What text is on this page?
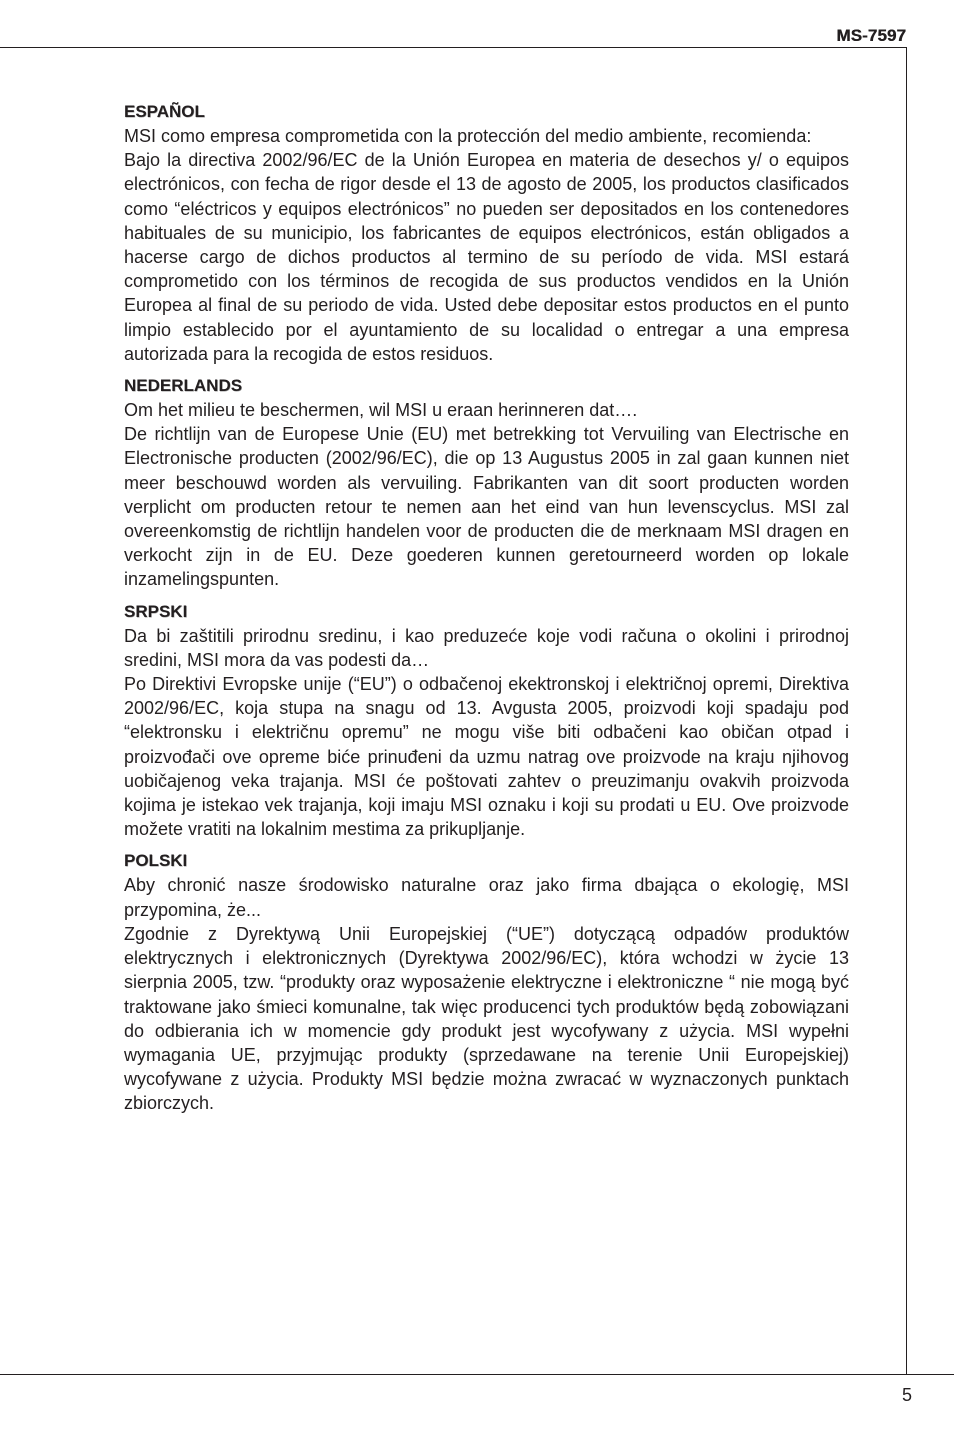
MS-7597
ESPAÑOL

MSI como empresa comprometida con la protección del medio ambiente, recomienda:

Bajo la directiva 2002/96/EC de la Unión Europea en materia de desechos y/ o equipos electrónicos, con fecha de rigor desde el 13 de agosto de 2005, los productos clasificados como “eléctricos y equipos electrónicos” no pueden ser depositados en los contenedores habituales de su municipio, los fabricantes de equipos electrónicos, están obligados a hacerse cargo de dichos productos al termino de su período de vida. MSI estará comprometido con los términos de recogida de sus productos vendidos en la Unión Europea al final de su periodo de vida. Usted debe depositar estos productos en el punto limpio establecido por el ayuntamiento de su localidad o entregar a una empresa autorizada para la recogida de estos residuos.

NEDERLANDS

Om het milieu te beschermen, wil MSI u eraan herinneren dat….

De richtlijn van de Europese Unie (EU) met betrekking tot Vervuiling van Electrische en Electronische producten (2002/96/EC), die op 13 Augustus 2005 in zal gaan kunnen niet meer beschouwd worden als vervuiling. Fabrikanten van dit soort producten worden verplicht om producten retour te nemen aan het eind van hun levenscyclus. MSI zal overeenkomstig de richtlijn handelen voor de producten die de merknaam MSI dragen en verkocht zijn in de EU. Deze goederen kunnen geretourneerd worden op lokale inzamelingspunten.

SRPSKI

Da bi zaštitili prirodnu sredinu, i kao preduzeće koje vodi računa o okolini i prirodnoj sredini, MSI mora da vas podesti da…

Po Direktivi Evropske unije (“EU”) o odbačenoj ekektronskoj i električnoj opremi, Direktiva 2002/96/EC, koja stupa na snagu od 13. Avgusta 2005, proizvodi koji spadaju pod “elektronsku i električnu opremu” ne mogu više biti odbačeni kao običan otpad i proizvođači ove opreme biće prinuđeni da uzmu natrag ove proizvode na kraju njihovog uobičajenog veka trajanja. MSI će poštovati zahtev o preuzimanju ovakvih proizvoda kojima je istekao vek trajanja, koji imaju MSI oznaku i koji su prodati u EU. Ove proizvode možete vratiti na lokalnim mestima za prikupljanje.

POLSKI

Aby chronić nasze środowisko naturalne oraz jako firma dbająca o ekologię, MSI przypomina, że...

Zgodnie z Dyrektywą Unii Europejskiej (“UE”) dotyczącą odpadów produktów elektrycznych i elektronicznych (Dyrektywa 2002/96/EC), która wchodzi w życie 13 sierpnia 2005, tzw. “produkty oraz wyposażenie elektryczne i elektroniczne “ nie mogą być traktowane jako śmieci komunalne, tak więc producenci tych produktów będą zobowiązani do odbierania ich w momencie gdy produkt jest wycofywany z użycia. MSI wypełni wymagania UE, przyjmując produkty (sprzedawane na terenie Unii Europejskiej) wycofywane z użycia. Produkty MSI będzie można zwracać w wyznaczonych punktach zbiorczych.

5
